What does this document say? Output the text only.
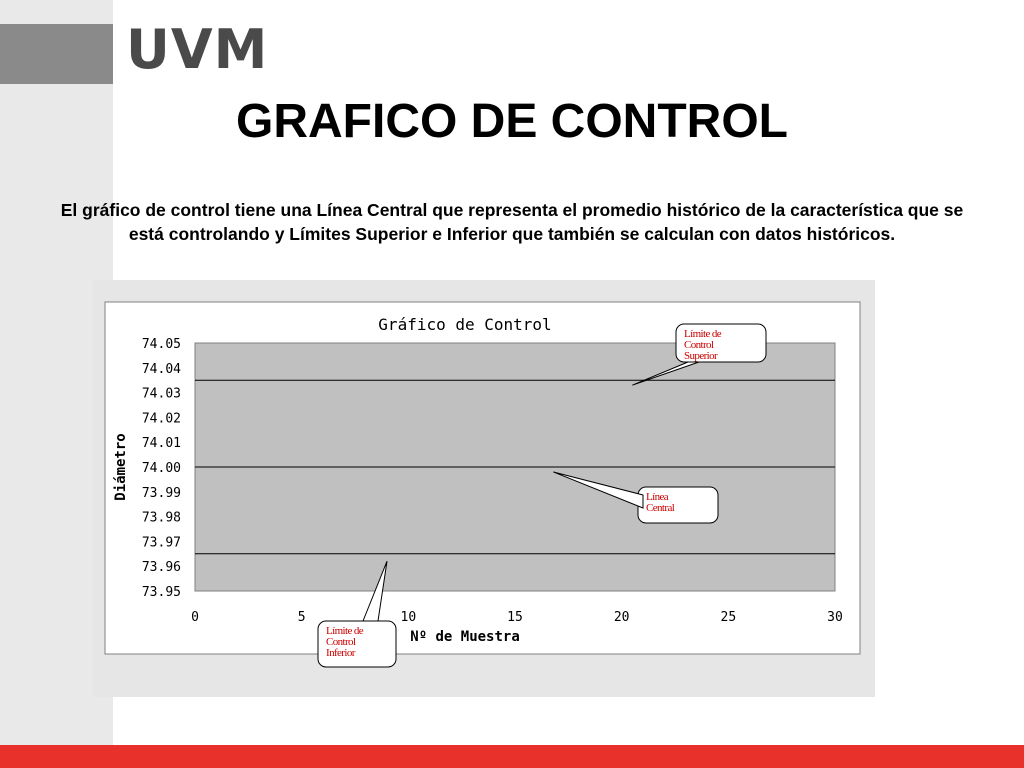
UVM
GRAFICO DE CONTROL
El gráfico de control tiene una Línea Central que representa el promedio histórico de la característica que se está controlando y Límites Superior e Inferior que también se calculan con datos históricos.
Gráfico de Control
73.95
73.96
73.97
73.98
73.99
74.00
74.01
74.02
74.03
74.04
74.05
0	5	10	15	20	25	30
Nº de Muestra
Diámetro
Límite de
Control
Superior
Línea
Central
Límite de
Control
Inferior
